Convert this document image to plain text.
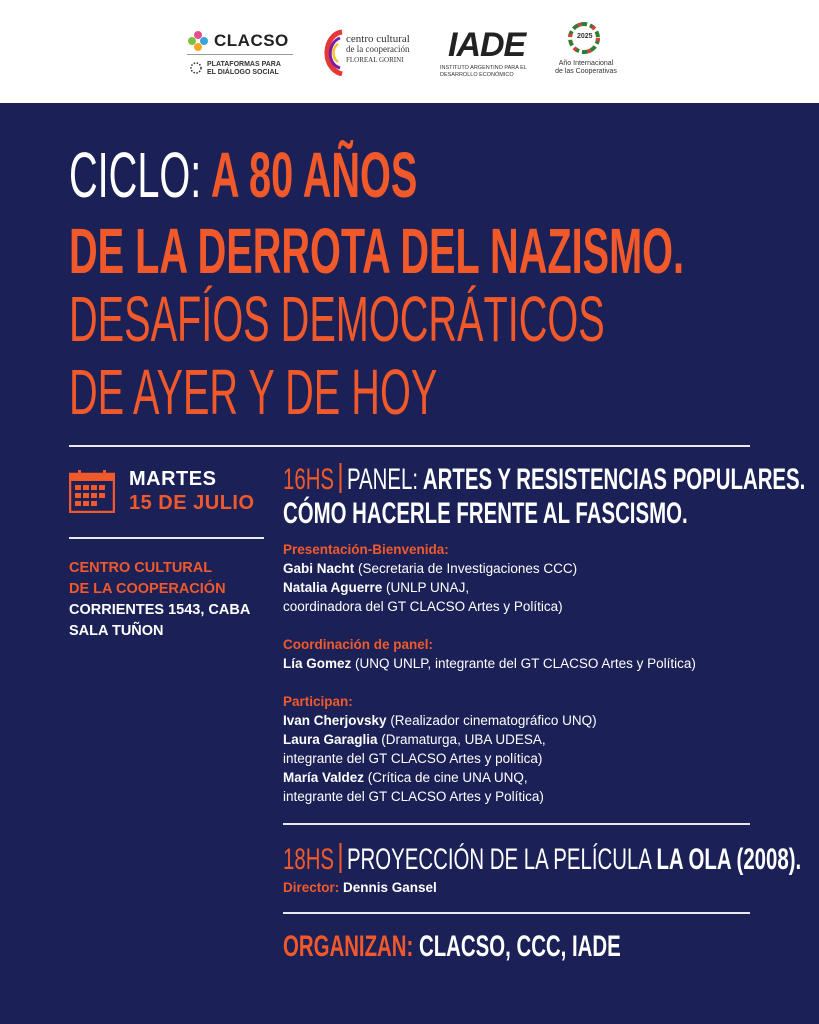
CLACSO
PLATAFORMAS PARA
EL DIÁLOGO SOCIAL
centro cultural
de la cooperación
FLOREAL GORINI IADE
INSTITUTO ARGENTINO PARA EL
DESARROLLO ECONÓMICO
2025
Año Internacional
de las Cooperativas
CICLO: A 80 AÑOS
DE LA DERROTA DEL NAZISMO.
DESAFÍOS DEMOCRÁTICOS
DE AYER Y DE HOY
MARTES
15 DE JULIO
CENTRO CULTURAL
DE LA COOPERACIÓN
CORRIENTES 1543, CABA
SALA TUÑON
16HS PANEL: ARTES Y RESISTENCIAS POPULARES.
CÓMO HACERLE FRENTE AL FASCISMO.
Presentación-Bienvenida:
Gabi Nacht (Secretaria de Investigaciones CCC)
Natalia Aguerre (UNLP UNAJ,
coordinadora del GT CLACSO Artes y Política)
Coordinación de panel:
Lía Gomez (UNQ UNLP, integrante del GT CLACSO Artes y Política)
Participan:
Ivan Cherjovsky (Realizador cinematográfico UNQ)
Laura Garaglia (Dramaturga, UBA UDESA,
integrante del GT CLACSO Artes y política)
María Valdez (Crítica de cine UNA UNQ,
integrante del GT CLACSO Artes y Política)
18HS PROYECCIÓN DE LA PELÍCULA LA OLA (2008).
Director: Dennis Gansel
ORGANIZAN: CLACSO, CCC, IADE
